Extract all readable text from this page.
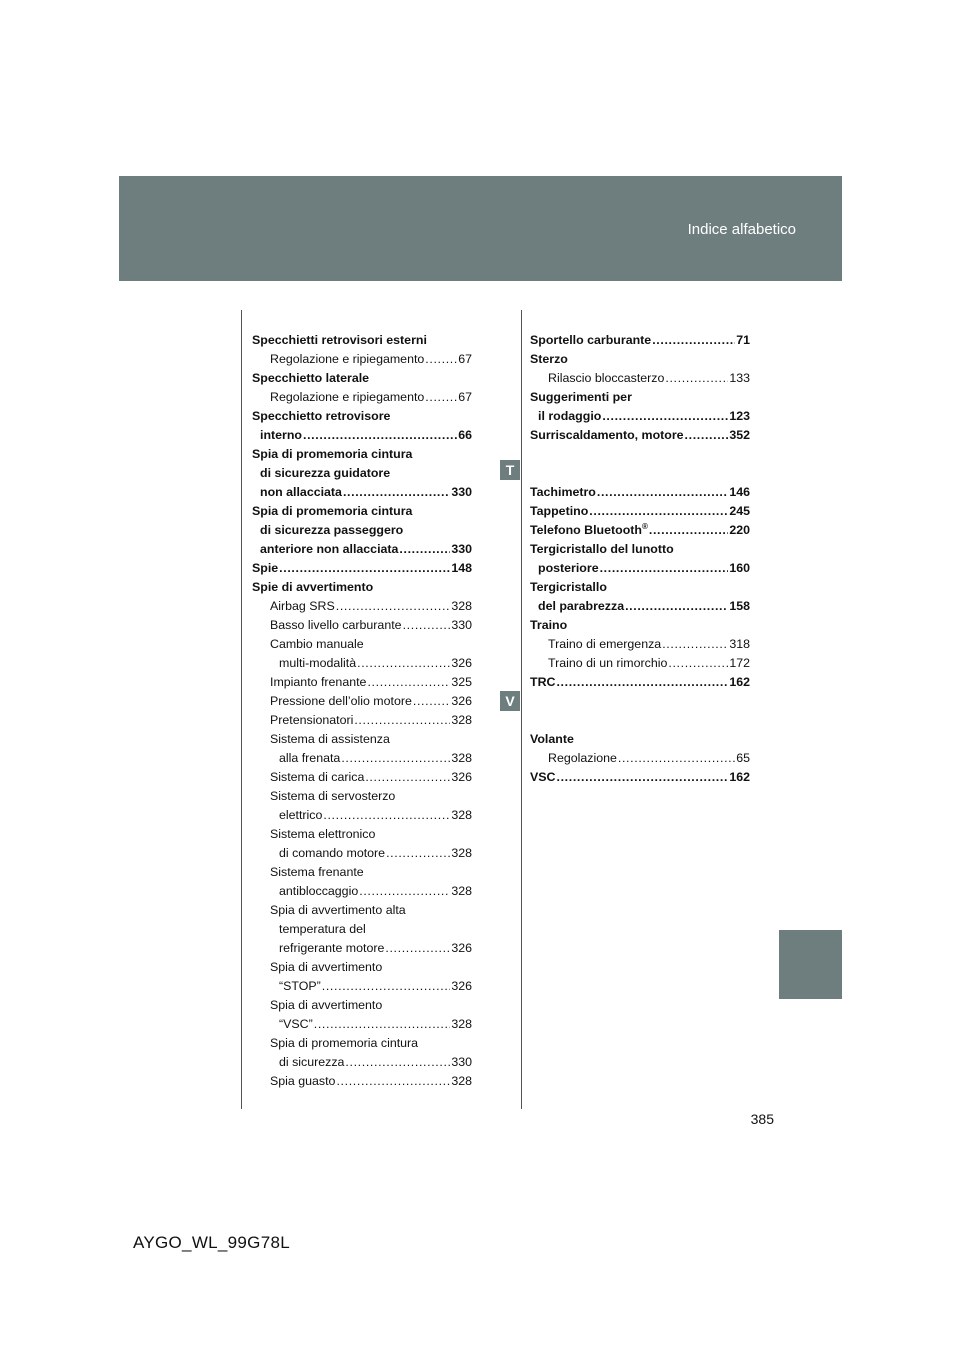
Indice alfabetico
Specchietti retrovisori esterni
Regolazione e ripiegamento . . .	67
Specchietto laterale
Regolazione e ripiegamento . . .	67
Specchietto retrovisore
interno . . .	66
Spia di promemoria cintura
di sicurezza guidatore
non allacciata . . .	330
Spia di promemoria cintura
di sicurezza passeggero
anteriore non allacciata . . .	330
Spie . . .	148
Spie di avvertimento
Airbag SRS . . .	328
Basso livello carburante . . .	330
Cambio manuale
multi-modalità . . .	326
Impianto frenante . . .	325
Pressione dell’olio motore . . .	326
Pretensionatori . . .	328
Sistema di assistenza
alla frenata . . .	328
Sistema di carica . . .	326
Sistema di servosterzo
elettrico . . .	328
Sistema elettronico
di comando motore . . .	328
Sistema frenante
antibloccaggio . . .	328
Spia di avvertimento alta
temperatura del
refrigerante motore . . .	326
Spia di avvertimento
“STOP” . . .	326
Spia di avvertimento
“VSC” . . .	328
Spia di promemoria cintura
di sicurezza . . .	330
Spia guasto . . .	328
Sportello carburante . . .	71
Sterzo
Rilascio bloccasterzo . . .	133
Suggerimenti per
il rodaggio . . .	123
Surriscaldamento, motore . . .	352
Tachimetro . . .	146
Tappetino . . .	245
Telefono Bluetooth® . . .	220
Tergicristallo del lunotto
posteriore . . .	160
Tergicristallo
del parabrezza . . .	158
Traino
Traino di emergenza . . .	318
Traino di un rimorchio . . .	172
TRC . . .	162
Volante
Regolazione . . .	65
VSC . . .	162
T
V
385
AYGO_WL_99G78L
